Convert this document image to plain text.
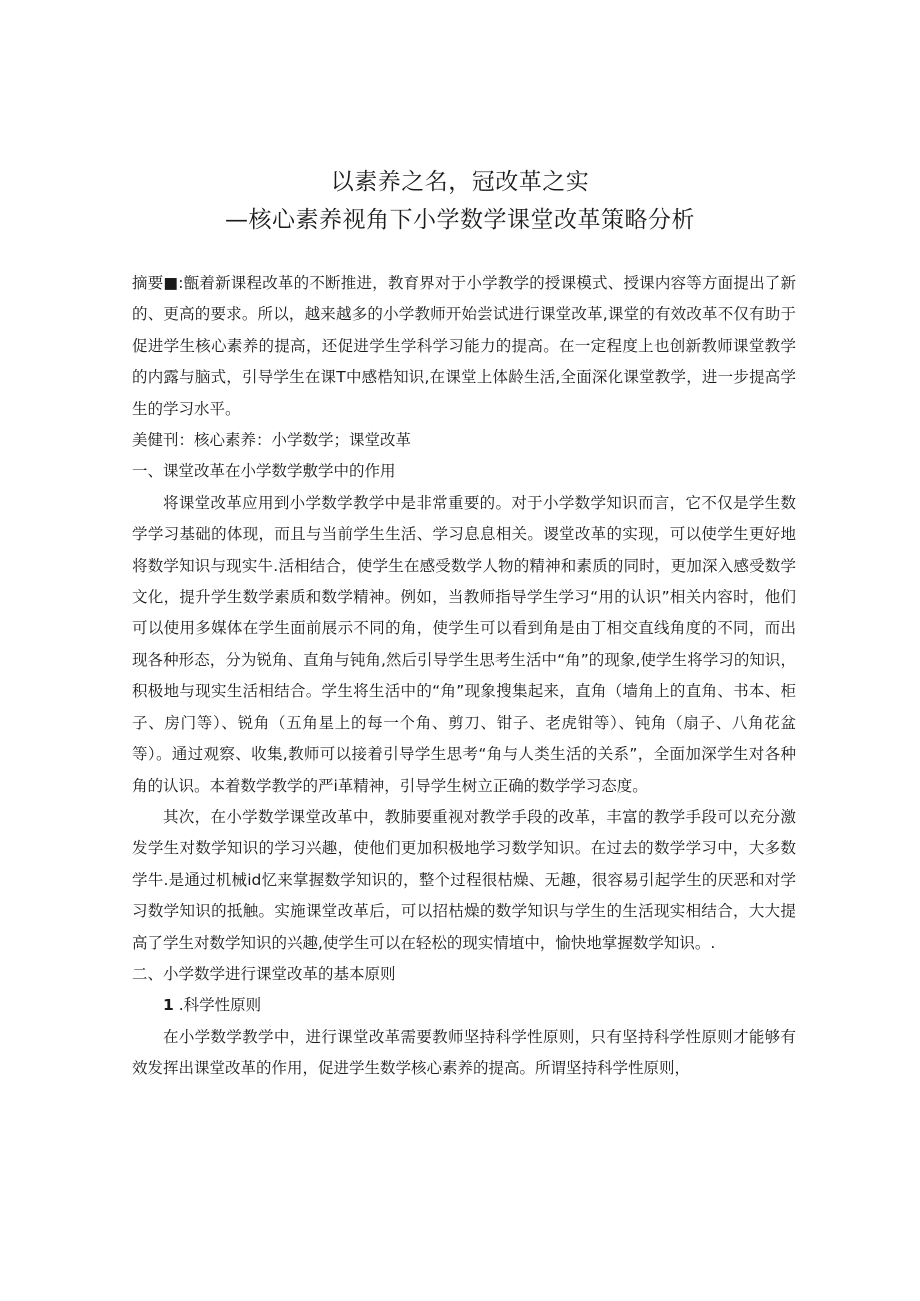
以素养之名，冠改革之实
—核心素养视角下小学数学课堂改革策略分析

摘要■:甑着新课程改革的不断推进，教育界对于小学教学的授课模式、授课内容等方面提出了新的、更高的要求。所以，越来越多的小学教师开始尝试进行课堂改革,课堂的有效改革不仅有助于促进学生核心素养的提高，还促进学生学科学习能力的提高。在一定程度上也创新教师课堂教学的内露与脑式，引导学生在课T中感梏知识,在课堂上体龄生活,全面深化课堂教学，进一步提高学生的学习水平。

美健刊：核心素养：小学数学；课堂改革

一、课堂改革在小学数学敷学中的作用

将课堂改革应用到小学数学教学中是非常重要的。对于小学数学知识而言，它不仅是学生数学学习基础的体现，而且与当前学生生活、学习息息相关。谡堂改革的实现，可以使学生更好地将数学知识与现实牛.活相结合，使学生在感受数学人物的精神和素质的同时，更加深入感受数学文化，提升学生数学素质和数学精神。例如，当教师指导学生学习“用的认识”相关内容时，他们可以使用多媒体在学生面前展示不同的角，使学生可以看到角是由丁相交直线角度的不同，而出现各种形态，分为锐角、直角与钝角,然后引导学生思考生活中“角”的现象,使学生将学习的知识，积极地与现实生活相结合。学生将生活中的“角”现象搜集起来，直角（墙角上的直角、书本、柜子、房门等）、锐角（五角星上的每一个角、剪刀、钳子、老虎钳等）、钝角（扇子、八角花盆等）。通过观察、收集,教师可以接着引导学生思考“角与人类生活的关系”，全面加深学生对各种角的认识。本着数学教学的严i革精神，引导学生树立正确的数学学习态度。

其次，在小学数学课堂改革中，教肺要重视对教学手段的改革，丰富的教学手段可以充分激发学生对数学知识的学习兴趣，使他们更加积极地学习数学知识。在过去的数学学习中，大多数学牛.是通过机械id忆来掌握数学知识的，整个过程很枯燥、无趣，很容易引起学生的厌恶和对学习数学知识的抵触。实施课堂改革后，可以招枯燥的数学知识与学生的生活现实相结合，大大提高了学生对数学知识的兴趣,使学生可以在轻松的现实情埴中，愉快地掌握数学知识。.

二、小学数学进行课堂改革的基本原则

1 .科学性原则

在小学数学教学中，进行课堂改革需要教师坚持科学性原则，只有坚持科学性原则才能够有效发挥出课堂改革的作用，促进学生数学核心素养的提高。所谓坚持科学性原则，
